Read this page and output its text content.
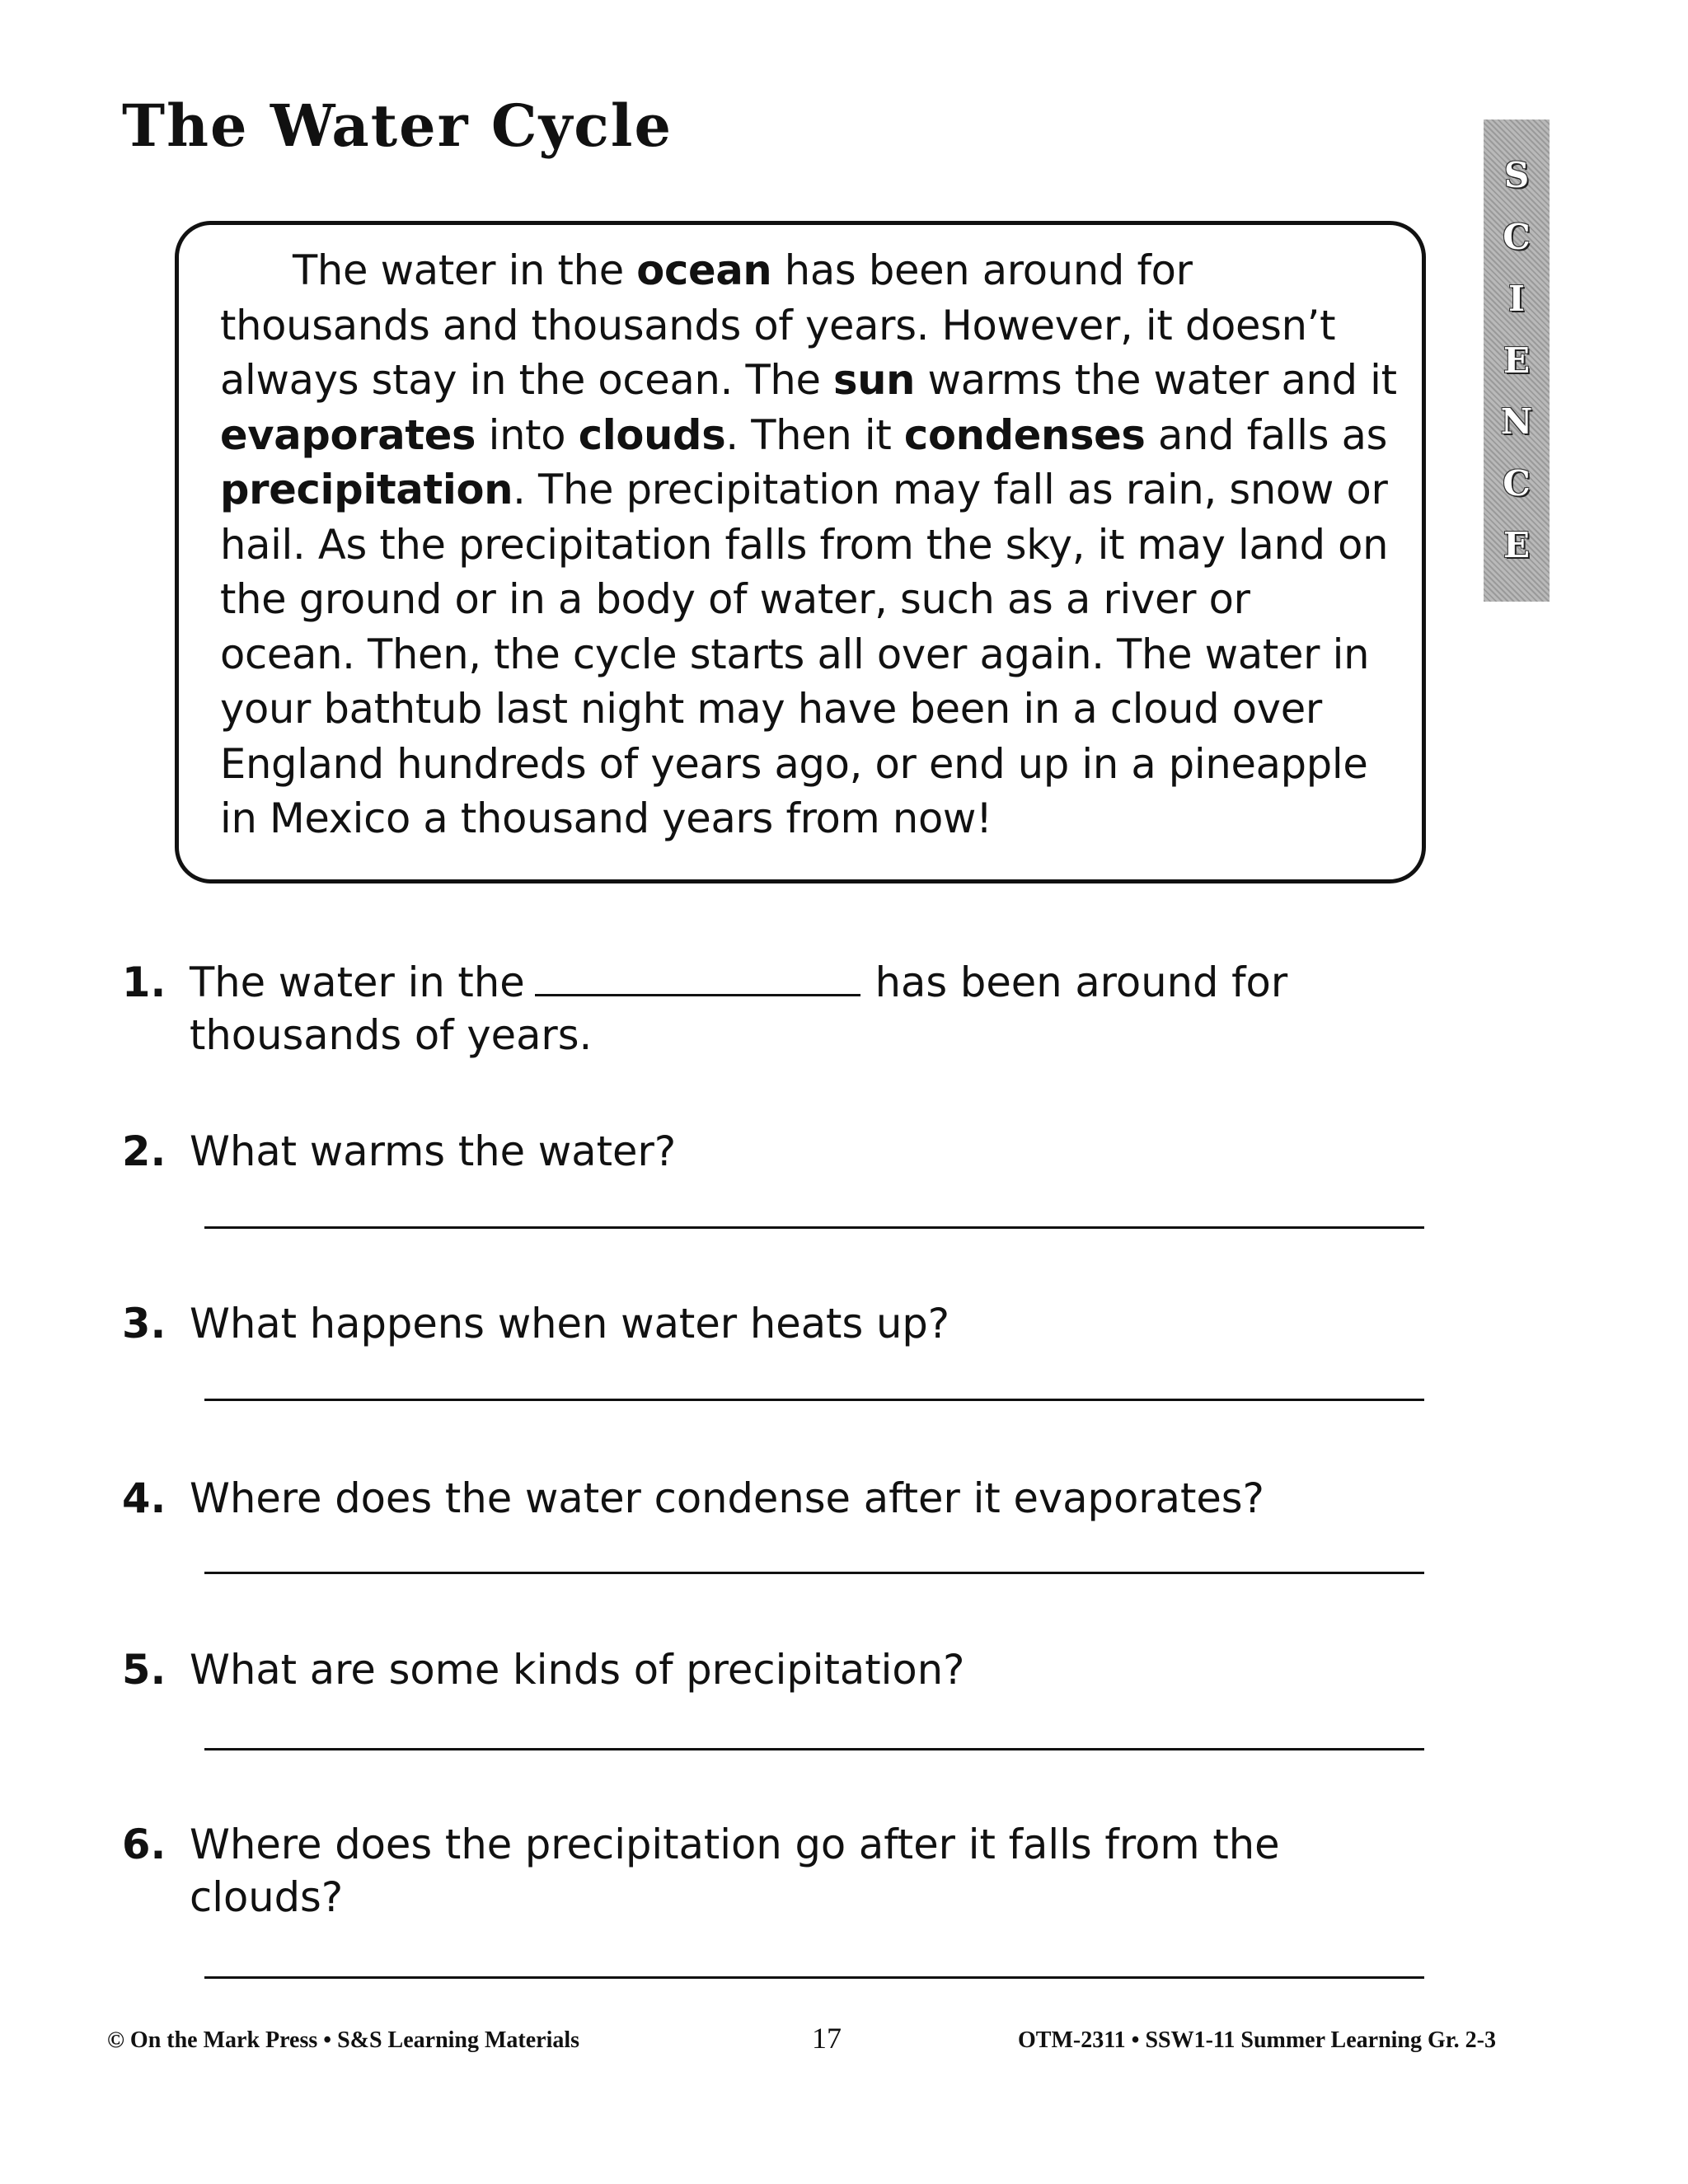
The Water Cycle
S
C
I
E
N
C
E

The water in the ocean has been around for thousands and thousands of years. However, it doesn’t always stay in the ocean. The sun warms the water and it evaporates into clouds. Then it condenses and falls as precipitation. The precipitation may fall as rain, snow or hail. As the precipitation falls from the sky, it may land on the ground or in a body of water, such as a river or ocean. Then, the cycle starts all over again. The water in your bathtub last night may have been in a cloud over England hundreds of years ago, or end up in a pineapple in Mexico a thousand years from now!

1. The water in the	has been around for thousands of years.
2. What warms the water?
3. What happens when water heats up?
4. Where does the water condense after it evaporates?
5. What are some kinds of precipitation?
6. Where does the precipitation go after it falls from the clouds?
© On the Mark Press • S&S Learning Materials	17	OTM-2311 • SSW1-11 Summer Learning Gr. 2-3
